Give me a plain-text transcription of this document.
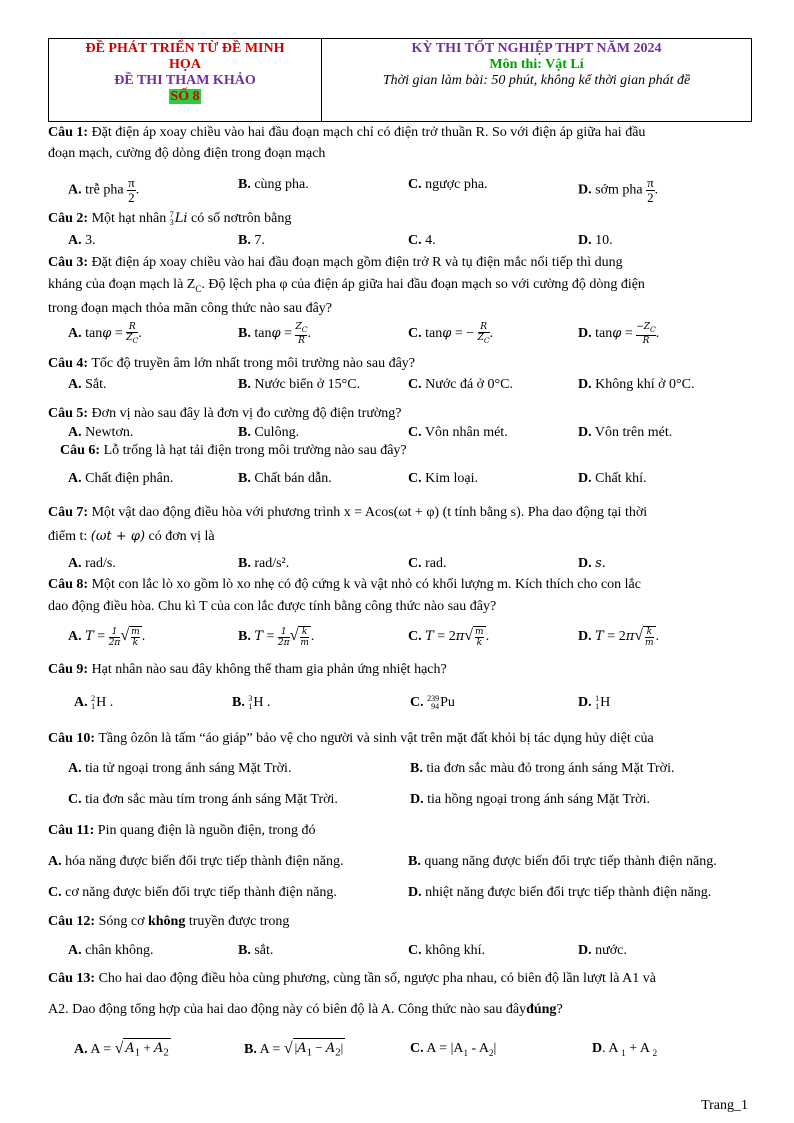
ĐỀ PHÁT TRIỂN TỪ ĐỀ MINH
HỌA
ĐỀ THI THAM KHẢO
SỐ 8
KỲ THI TỐT NGHIỆP THPT NĂM 2024
Môn thi: Vật Lí
Thời gian làm bài: 50 phút, không kể thời gian phát đề
Câu 1: Đặt điện áp xoay chiều vào hai đầu đoạn mạch chỉ có điện trở thuần R. So với điện áp giữa hai đầu
đoạn mạch, cường độ dòng điện trong đoạn mạch
A. trễ pha $\frac{\pi}{2}$ .	B. cùng pha.	C. ngược pha.	D. sớm pha $\frac{\pi}{2}$ .
Câu 2: Một hạt nhân 7
3 Li có số nơtrôn bằng
A. 3.	B. 7.	C. 4.	D. 10.
Câu 3: Đặt điện áp xoay chiều vào hai đầu đoạn mạch gồm điện trở R và tụ điện mắc nối tiếp thì dung
kháng của đoạn mạch là $Z_C$. Độ lệch pha φ của điện áp giữa hai đầu đoạn mạch so với cường độ dòng điện
trong đoạn mạch thỏa mãn công thức nào sau đây?
A. $\tan\varphi = \frac{R}{Z_C}$ .	B. $\tan\varphi = \frac{Z_C}{R}$ .	C. tanφ = − $\frac{R}{Z_C}$ .	D. $\tan\varphi = \frac{-Z_C}{R}$ .
Câu 4: Tốc độ truyền âm lớn nhất trong môi trường nào sau đây?
A. Sắt.	B. Nước biển ở 15°C.	C. Nước đá ở 0°C.	D. Không khí ở 0°C.
Câu 5: Đơn vị nào sau đây là đơn vị đo cường độ điện trường?
A. Newtơn.	B. Culông.	C. Vôn nhân mét.	D. Vôn trên mét.
Câu 6: Lỗ trống là hạt tải điện trong môi trường nào sau đây?
A. Chất điện phân.	B. Chất bán dẫn.	C. Kim loại.	D. Chất khí.
Câu 7: Một vật dao động điều hòa với phương trình x = Acos(ωt + φ) (t tính bằng s). Pha dao động tại thời
điểm t: (ωt + φ) có đơn vị là
A. rad/s.	B. rad/s².	C. rad.	D. s.
Câu 8: Một con lắc lò xo gồm lò xo nhẹ có độ cứng k và vật nhỏ có khối lượng m. Kích thích cho con lắc
dao động điều hòa. Chu kì T của con lắc được tính bằng công thức nào sau đây?
A. $T = \frac{1}{2\pi}$ √ $\frac{m}{k}$ .	B. $T = \frac{1}{2\pi}$ √ $\frac{k}{m}$ .	C. $T = 2\pi√ \frac{m}{k}$ .	D. $T = 2\pi√ \frac{k}{m}$ .
Câu 9: Hạt nhân nào sau đây không thể tham gia phản ứng nhiệt hạch?
A. 2
1 H .	B. 3
1 H .	C. 239
94 Pu	D. 1
1 H
Câu 10: Tầng ôzôn là tấm “áo giáp” bảo vệ cho người và sinh vật trên mặt đất khỏi bị tác dụng hủy diệt của
A. tia tử ngoại trong ánh sáng Mặt Trời.	B. tia đơn sắc màu đỏ trong ánh sáng Mặt Trời.
C. tia đơn sắc màu tím trong ánh sáng Mặt Trời.	D. tia hồng ngoại trong ánh sáng Mặt Trời.
Câu 11: Pin quang điện là nguồn điện, trong đó
A. hóa năng được biến đổi trực tiếp thành điện năng.	B. quang năng được biến đổi trực tiếp thành điện năng.
C. cơ năng được biến đổi trực tiếp thành điện năng.	D. nhiệt năng được biến đổi trực tiếp thành điện năng.
Câu 12: Sóng cơ không truyền được trong
A. chân không.	B. sắt.	C. không khí.	D. nước.
Câu 13: Cho hai dao động điều hòa cùng phương, cùng tần số, ngược pha nhau, có biên độ lần lượt là A1 và
A2. Dao động tổng hợp của hai dao động này có biên độ là A. Công thức nào sau đâyđúng?
A. A = √ $A_1 + A_2$	B. A = √ $|A_1 - A_2|$	C. $A = |A_1 - A_2|$	D. A $_1$ + A $_2$
Trang_1
